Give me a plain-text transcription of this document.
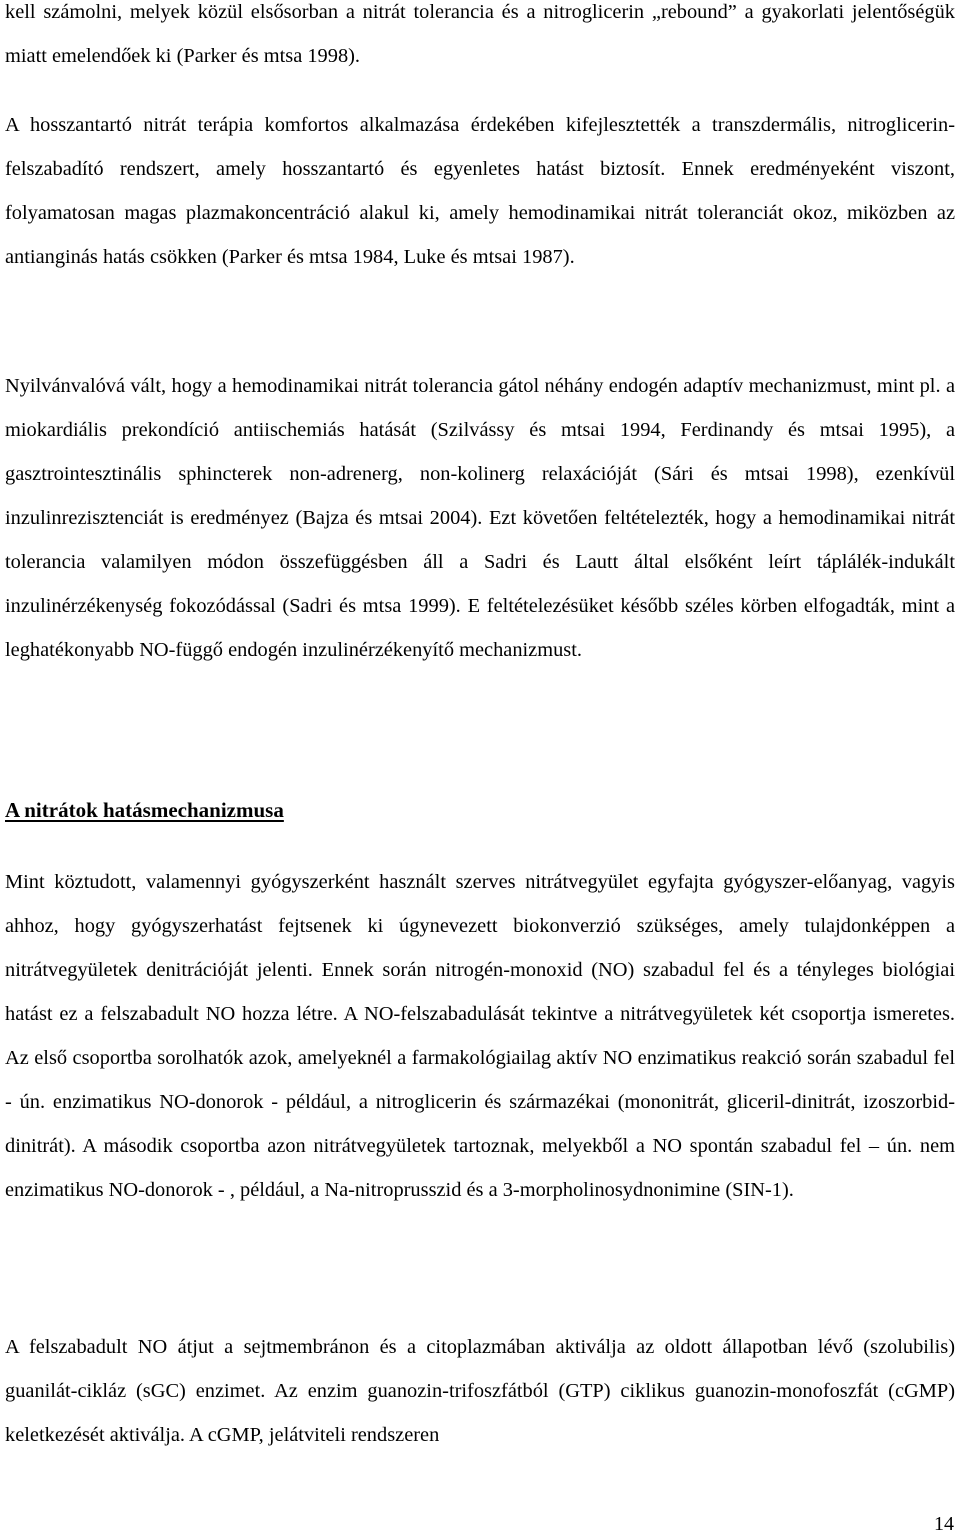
kell számolni, melyek közül elsősorban a nitrát tolerancia és a nitroglicerin „rebound” a gyakorlati jelentőségük miatt emelendőek ki (Parker és mtsa 1998).

A hosszantartó nitrát terápia komfortos alkalmazása érdekében kifejlesztették a transzdermális, nitroglicerin-felszabadító rendszert, amely hosszantartó és egyenletes hatást biztosít. Ennek eredményeként viszont, folyamatosan magas plazmakoncentráció alakul ki, amely hemodinamikai nitrát toleranciát okoz, miközben az antianginás hatás csökken (Parker és mtsa 1984, Luke és mtsai 1987).

Nyilvánvalóvá vált, hogy a hemodinamikai nitrát tolerancia gátol néhány endogén adaptív mechanizmust, mint pl. a miokardiális prekondíció antiischemiás hatását (Szilvássy és mtsai 1994, Ferdinandy és mtsai 1995), a gasztrointesztinális sphincterek non-adrenerg, non-kolinerg relaxációját (Sári és mtsai 1998), ezenkívül inzulinrezisztenciát is eredményez (Bajza és mtsai 2004). Ezt követően feltételezték, hogy a hemodinamikai nitrát tolerancia valamilyen módon összefüggésben áll a Sadri és Lautt által elsőként leírt táplálék-indukált inzulinérzékenység fokozódással (Sadri és mtsa 1999). E feltételezésüket később széles körben elfogadták, mint a leghatékonyabb NO-függő endogén inzulinérzékenyítő mechanizmust.

A nitrátok hatásmechanizmusa

Mint köztudott, valamennyi gyógyszerként használt szerves nitrátvegyület egyfajta gyógyszer-előanyag, vagyis ahhoz, hogy gyógyszerhatást fejtsenek ki úgynevezett biokonverzió szükséges, amely tulajdonképpen a nitrátvegyületek denitrációját jelenti. Ennek során nitrogén-monoxid (NO) szabadul fel és a tényleges biológiai hatást ez a felszabadult NO hozza létre. A NO-felszabadulását tekintve a nitrátvegyületek két csoportja ismeretes. Az első csoportba sorolhatók azok, amelyeknél a farmakológiailag aktív NO enzimatikus reakció során szabadul fel - ún. enzimatikus NO-donorok - például, a nitroglicerin és származékai (mononitrát, gliceril-dinitrát, izoszorbid-dinitrát). A második csoportba azon nitrátvegyületek tartoznak, melyekből a NO spontán szabadul fel – ún. nem enzimatikus NO-donorok - , például, a Na-nitroprusszid és a 3-morpholinosydnonimine (SIN-1).

A felszabadult NO átjut a sejtmembránon és a citoplazmában aktiválja az oldott állapotban lévő (szolubilis) guanilát-cikláz (sGC) enzimet. Az enzim guanozin-trifoszfátból (GTP) ciklikus guanozin-monofoszfát (cGMP) keletkezését aktiválja. A cGMP, jelátviteli rendszeren

14
